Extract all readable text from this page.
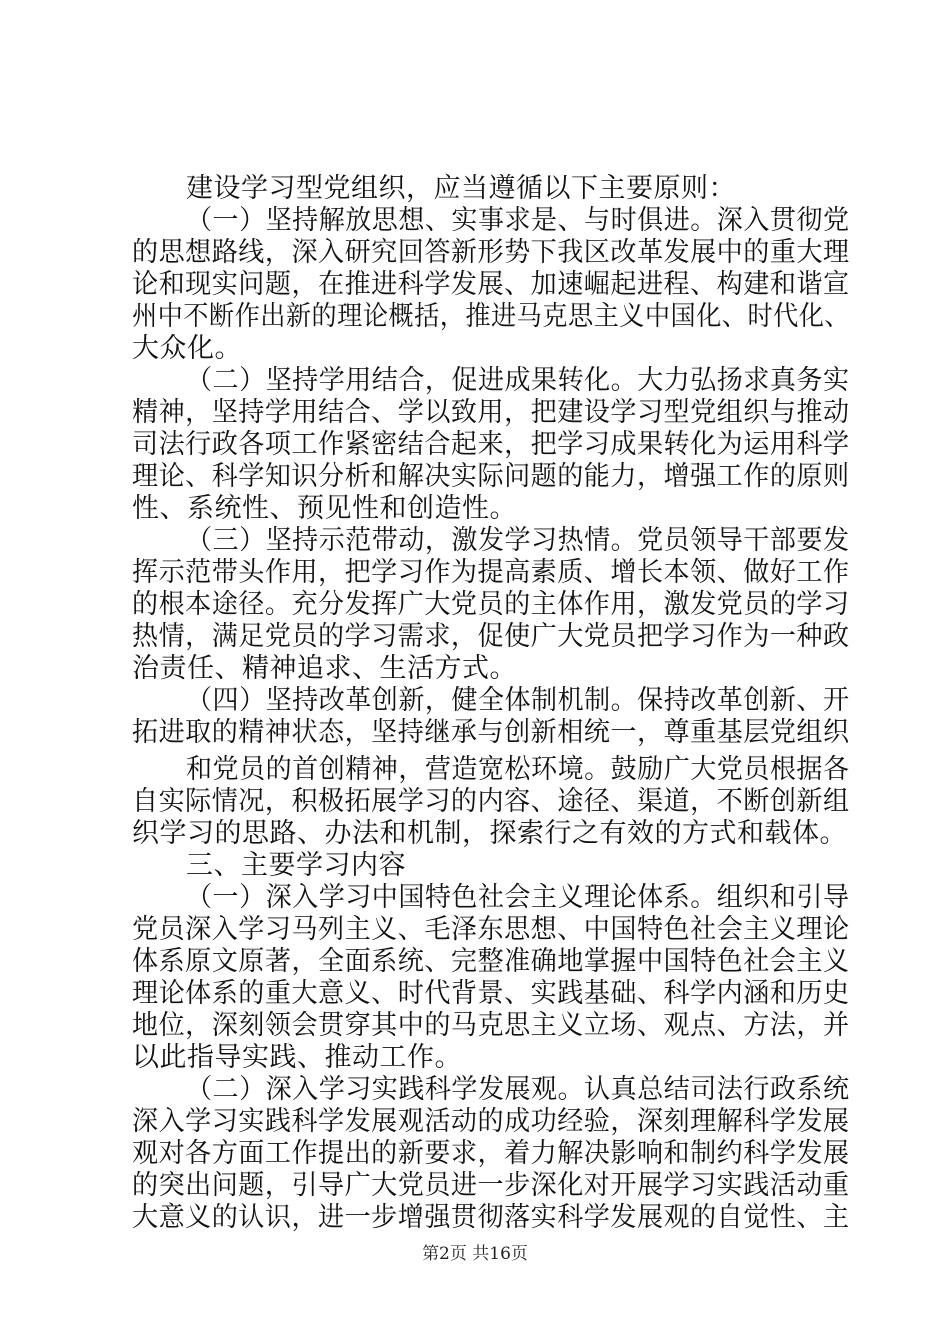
建设学习型党组织，应当遵循以下主要原则：
（一）坚持解放思想、实事求是、与时俱进。深入贯彻党
的思想路线，深入研究回答新形势下我区改革发展中的重大理
论和现实问题，在推进科学发展、加速崛起进程、构建和谐宣
州中不断作出新的理论概括，推进马克思主义中国化、时代化、
大众化。
（二）坚持学用结合，促进成果转化。大力弘扬求真务实
精神，坚持学用结合、学以致用，把建设学习型党组织与推动
司法行政各项工作紧密结合起来，把学习成果转化为运用科学
理论、科学知识分析和解决实际问题的能力，增强工作的原则
性、系统性、预见性和创造性。
（三）坚持示范带动，激发学习热情。党员领导干部要发
挥示范带头作用，把学习作为提高素质、增长本领、做好工作
的根本途径。充分发挥广大党员的主体作用，激发党员的学习
热情，满足党员的学习需求，促使广大党员把学习作为一种政
治责任、精神追求、生活方式。
（四）坚持改革创新，健全体制机制。保持改革创新、开
拓进取的精神状态，坚持继承与创新相统一，尊重基层党组织
和党员的首创精神，营造宽松环境。鼓励广大党员根据各
自实际情况，积极拓展学习的内容、途径、渠道，不断创新组
织学习的思路、办法和机制，探索行之有效的方式和载体。
三、主要学习内容
（一）深入学习中国特色社会主义理论体系。组织和引导
党员深入学习马列主义、毛泽东思想、中国特色社会主义理论
体系原文原著，全面系统、完整准确地掌握中国特色社会主义
理论体系的重大意义、时代背景、实践基础、科学内涵和历史
地位，深刻领会贯穿其中的马克思主义立场、观点、方法，并
以此指导实践、推动工作。
（二）深入学习实践科学发展观。认真总结司法行政系统
深入学习实践科学发展观活动的成功经验，深刻理解科学发展
观对各方面工作提出的新要求，着力解决影响和制约科学发展
的突出问题，引导广大党员进一步深化对开展学习实践活动重
大意义的认识，进一步增强贯彻落实科学发展观的自觉性、主
第2页 共16页
